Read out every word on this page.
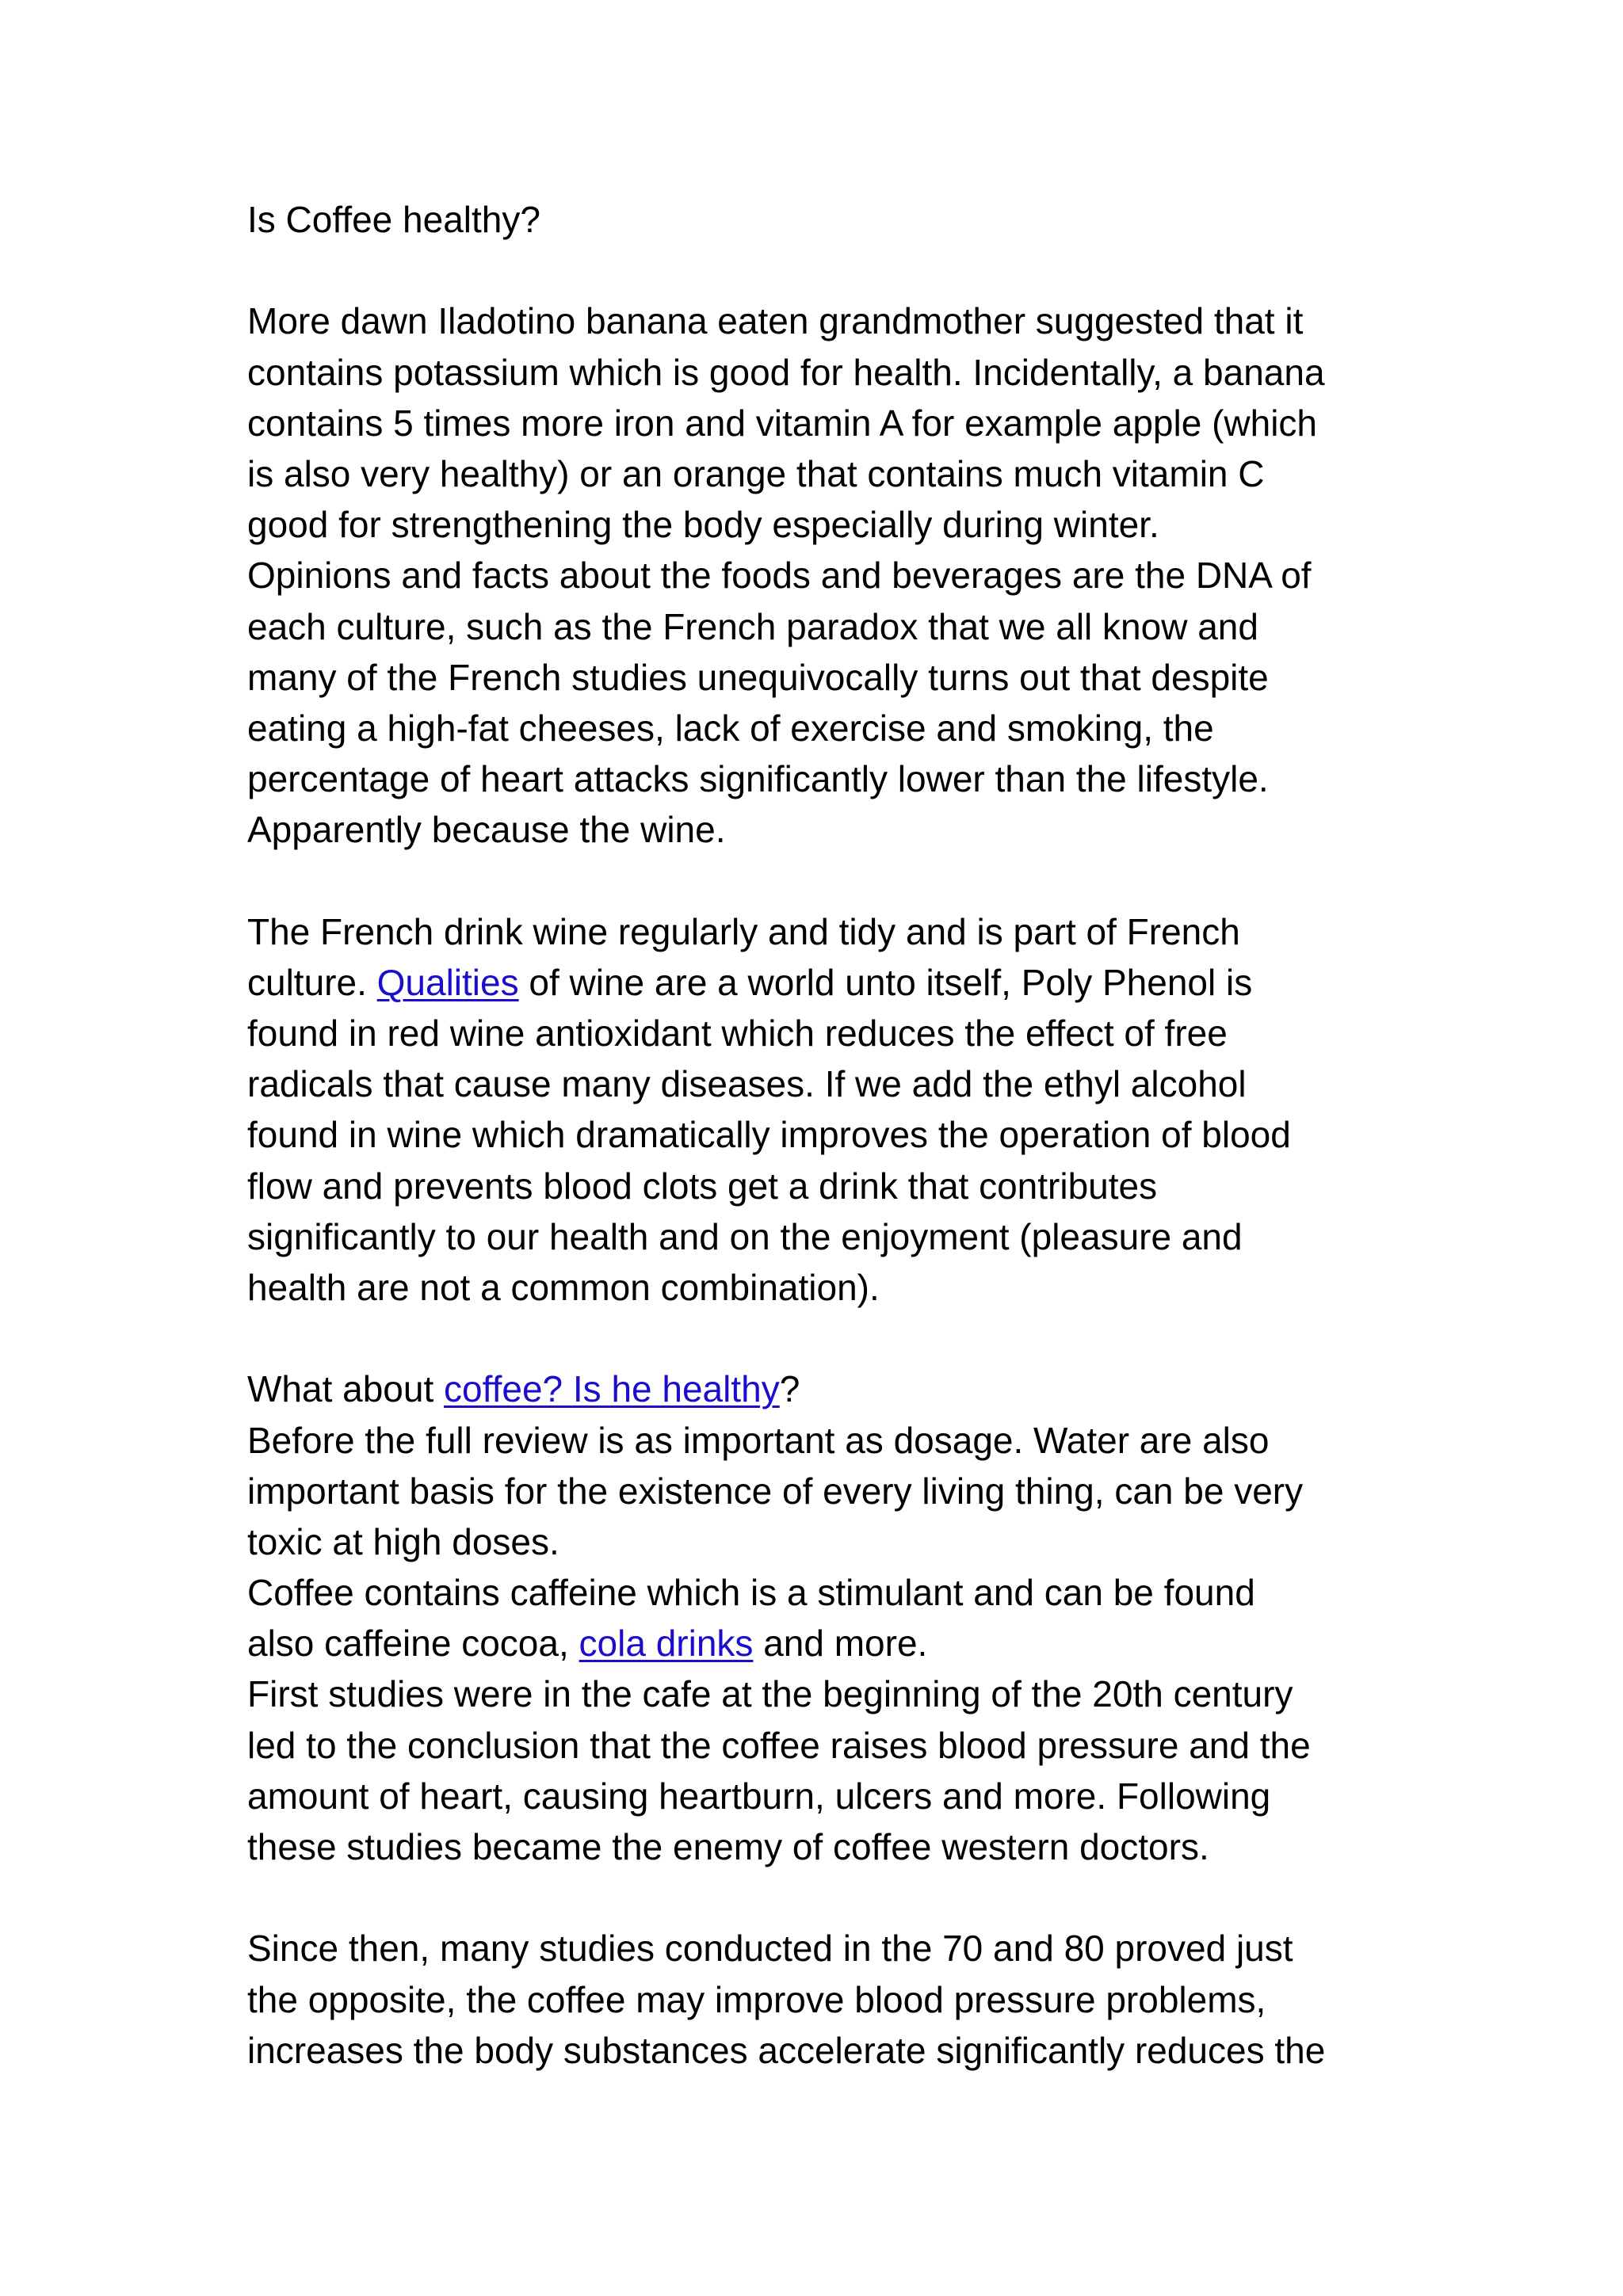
Is Coffee healthy?
More dawn Iladotino banana eaten grandmother suggested that it
contains potassium which is good for health. Incidentally, a banana
contains 5 times more iron and vitamin A for example apple (which
is also very healthy) or an orange that contains much vitamin C
good for strengthening the body especially during winter.
Opinions and facts about the foods and beverages are the DNA of
each culture, such as the French paradox that we all know and
many of the French studies unequivocally turns out that despite
eating a high-fat cheeses, lack of exercise and smoking, the
percentage of heart attacks significantly lower than the lifestyle.
Apparently because the wine.
The French drink wine regularly and tidy and is part of French
culture. Qualities of wine are a world unto itself, Poly Phenol is
found in red wine antioxidant which reduces the effect of free
radicals that cause many diseases. If we add the ethyl alcohol
found in wine which dramatically improves the operation of blood
flow and prevents blood clots get a drink that contributes
significantly to our health and on the enjoyment (pleasure and
health are not a common combination).
What about coffee? Is he healthy?
Before the full review is as important as dosage. Water are also
important basis for the existence of every living thing, can be very
toxic at high doses.
Coffee contains caffeine which is a stimulant and can be found
also caffeine cocoa, cola drinks and more.
First studies were in the cafe at the beginning of the 20th century
led to the conclusion that the coffee raises blood pressure and the
amount of heart, causing heartburn, ulcers and more. Following
these studies became the enemy of coffee western doctors.
Since then, many studies conducted in the 70 and 80 proved just
the opposite, the coffee may improve blood pressure problems,
increases the body substances accelerate significantly reduces the
